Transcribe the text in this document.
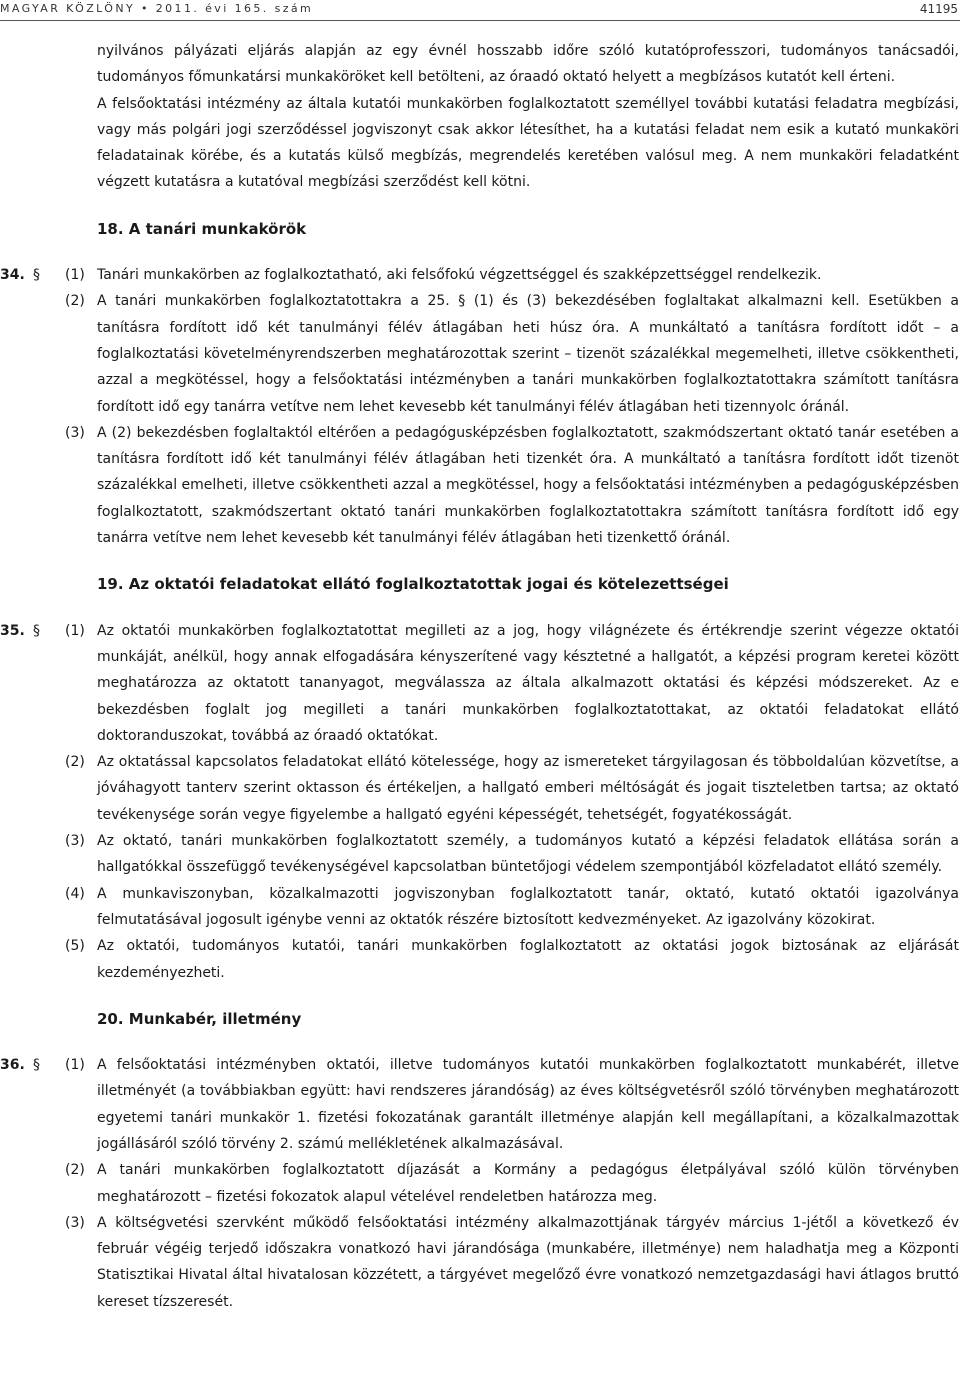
MAGYAR KÖZLÖNY • 2011. évi 165. szám	41195

nyilvános pályázati eljárás alapján az egy évnél hosszabb időre szóló kutatóprofesszori, tudományos tanácsadói, tudományos főmunkatársi munkaköröket kell betölteni, az óraadó oktató helyett a megbízásos kutatót kell érteni.

A felsőoktatási intézmény az általa kutatói munkakörben foglalkoztatott személlyel további kutatási feladatra megbízási, vagy más polgári jogi szerződéssel jogviszonyt csak akkor létesíthet, ha a kutatási feladat nem esik a kutató munkaköri feladatainak körébe, és a kutatás külső megbízás, megrendelés keretében valósul meg. A nem munkaköri feladatként végzett kutatásra a kutatóval megbízási szerződést kell kötni.

18. A tanári munkakörök
34. § (1) Tanári munkakörben az foglalkoztatható, aki felsőfokú végzettséggel és szakképzettséggel rendelkezik.
(2) A tanári munkakörben foglalkoztatottakra a 25. § (1) és (3) bekezdésében foglaltakat alkalmazni kell. Esetükben a tanításra fordított idő két tanulmányi félév átlagában heti húsz óra. A munkáltató a tanításra fordított időt – a foglalkoztatási követelményrendszerben meghatározottak szerint – tizenöt százalékkal megemelheti, illetve csökkentheti, azzal a megkötéssel, hogy a felsőoktatási intézményben a tanári munkakörben foglalkoztatottakra számított tanításra fordított idő egy tanárra vetítve nem lehet kevesebb két tanulmányi félév átlagában heti tizennyolc óránál.
(3) A (2) bekezdésben foglaltaktól eltérően a pedagógusképzésben foglalkoztatott, szakmódszertant oktató tanár esetében a tanításra fordított idő két tanulmányi félév átlagában heti tizenkét óra. A munkáltató a tanításra fordított időt tizenöt százalékkal emelheti, illetve csökkentheti azzal a megkötéssel, hogy a felsőoktatási intézményben a pedagógusképzésben foglalkoztatott, szakmódszertant oktató tanári munkakörben foglalkoztatottakra számított tanításra fordított idő egy tanárra vetítve nem lehet kevesebb két tanulmányi félév átlagában heti tizenkettő óránál.
19. Az oktatói feladatokat ellátó foglalkoztatottak jogai és kötelezettségei
35. § (1) Az oktatói munkakörben foglalkoztatottat megilleti az a jog, hogy világnézete és értékrendje szerint végezze oktatói munkáját, anélkül, hogy annak elfogadására kényszerítené vagy késztetné a hallgatót, a képzési program keretei között meghatározza az oktatott tananyagot, megválassza az általa alkalmazott oktatási és képzési módszereket. Az e bekezdésben foglalt jog megilleti a tanári munkakörben foglalkoztatottakat, az oktatói feladatokat ellátó doktoranduszokat, továbbá az óraadó oktatókat.
(2) Az oktatással kapcsolatos feladatokat ellátó kötelessége, hogy az ismereteket tárgyilagosan és többoldalúan közvetítse, a jóváhagyott tanterv szerint oktasson és értékeljen, a hallgató emberi méltóságát és jogait tiszteletben tartsa; az oktató tevékenysége során vegye figyelembe a hallgató egyéni képességét, tehetségét, fogyatékosságát.
(3) Az oktató, tanári munkakörben foglalkoztatott személy, a tudományos kutató a képzési feladatok ellátása során a hallgatókkal összefüggő tevékenységével kapcsolatban büntetőjogi védelem szempontjából közfeladatot ellátó személy.
(4) A munkaviszonyban, közalkalmazotti jogviszonyban foglalkoztatott tanár, oktató, kutató oktatói igazolványa felmutatásával jogosult igénybe venni az oktatók részére biztosított kedvezményeket. Az igazolvány közokirat.
(5) Az oktatói, tudományos kutatói, tanári munkakörben foglalkoztatott az oktatási jogok biztosának az eljárását kezdeményezheti.
20. Munkabér, illetmény
36. § (1) A felsőoktatási intézményben oktatói, illetve tudományos kutatói munkakörben foglalkoztatott munkabérét, illetve illetményét (a továbbiakban együtt: havi rendszeres járandóság) az éves költségvetésről szóló törvényben meghatározott egyetemi tanári munkakör 1. fizetési fokozatának garantált illetménye alapján kell megállapítani, a közalkalmazottak jogállásáról szóló törvény 2. számú mellékletének alkalmazásával.
(2) A tanári munkakörben foglalkoztatott díjazását a Kormány a pedagógus életpályával szóló külön törvényben meghatározott – fizetési fokozatok alapul vételével rendeletben határozza meg.
(3) A költségvetési szervként működő felsőoktatási intézmény alkalmazottjának tárgyév március 1-jétől a következő év február végéig terjedő időszakra vonatkozó havi járandósága (munkabére, illetménye) nem haladhatja meg a Központi Statisztikai Hivatal által hivatalosan közzétett, a tárgyévet megelőző évre vonatkozó nemzetgazdasági havi átlagos bruttó kereset tízszeresét.
